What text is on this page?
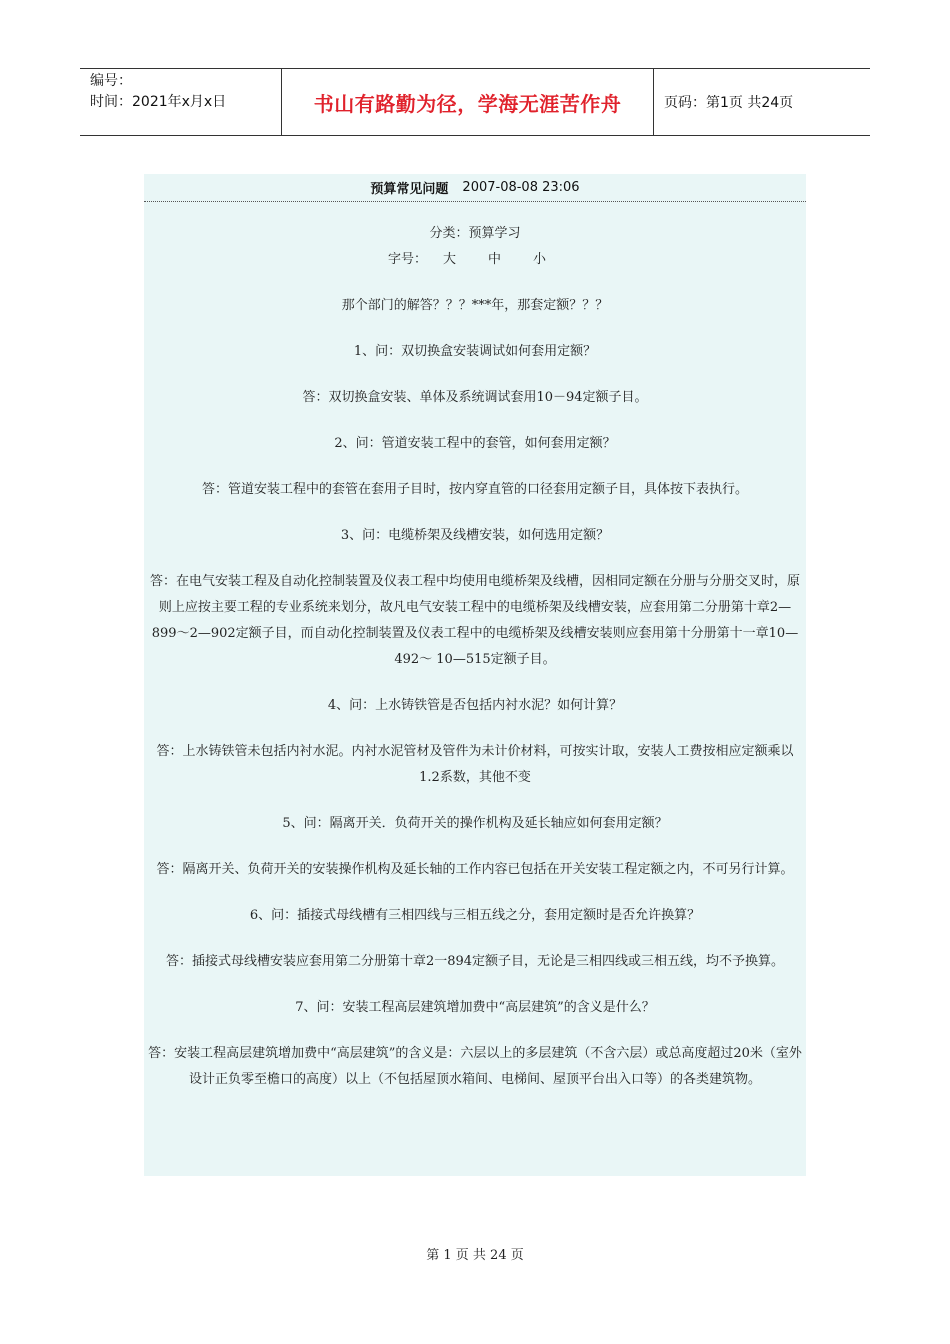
编号：
时间：2021年x月x日	书山有路勤为径，学海无涯苦作舟	页码：第1页 共24页
预算常见问题 2007-08-08 23:06

分类：预算学习

字号： 大 中 小

那个部门的解答？？？***年，那套定额？？？

1、问：双切换盒安装调试如何套用定额？

答：双切换盒安装、单体及系统调试套用10－94定额子目。

2、问：管道安装工程中的套管，如何套用定额？

答：管道安装工程中的套管在套用子目时，按内穿直管的口径套用定额子目，具体按下表执行。

3、问：电缆桥架及线槽安装，如何选用定额？

答：在电气安装工程及自动化控制装置及仪表工程中均使用电缆桥架及线槽，因相同定额在分册与分册交叉时，原则上应按主要工程的专业系统来划分，故凡电气安装工程中的电缆桥架及线槽安装，应套用第二分册第十章2—899～2—902定额子目，而自动化控制装置及仪表工程中的电缆桥架及线槽安装则应套用第十分册第十一章10—492～ 10—515定额子目。

4、问：上水铸铁管是否包括内衬水泥？如何计算？

答：上水铸铁管未包括内衬水泥。内衬水泥管材及管件为未计价材料，可按实计取，安装人工费按相应定额乘以1.2系数，其他不变

5、问：隔离开关．负荷开关的操作机构及延长轴应如何套用定额？

答：隔离开关、负荷开关的安装操作机构及延长轴的工作内容已包括在开关安装工程定额之内，不可另行计算。

6、问：插接式母线槽有三相四线与三相五线之分，套用定额时是否允许换算？

答：插接式母线槽安装应套用第二分册第十章2一894定额子目，无论是三相四线或三相五线，均不予换算。

7、问：安装工程高层建筑增加费中“高层建筑”的含义是什么？

答：安装工程高层建筑增加费中“高层建筑”的含义是：六层以上的多层建筑（不含六层）或总高度超过20米（室外设计正负零至檐口的高度）以上（不包括屋顶水箱间、电梯间、屋顶平台出入口等）的各类建筑物。

第 1 页 共 24 页
